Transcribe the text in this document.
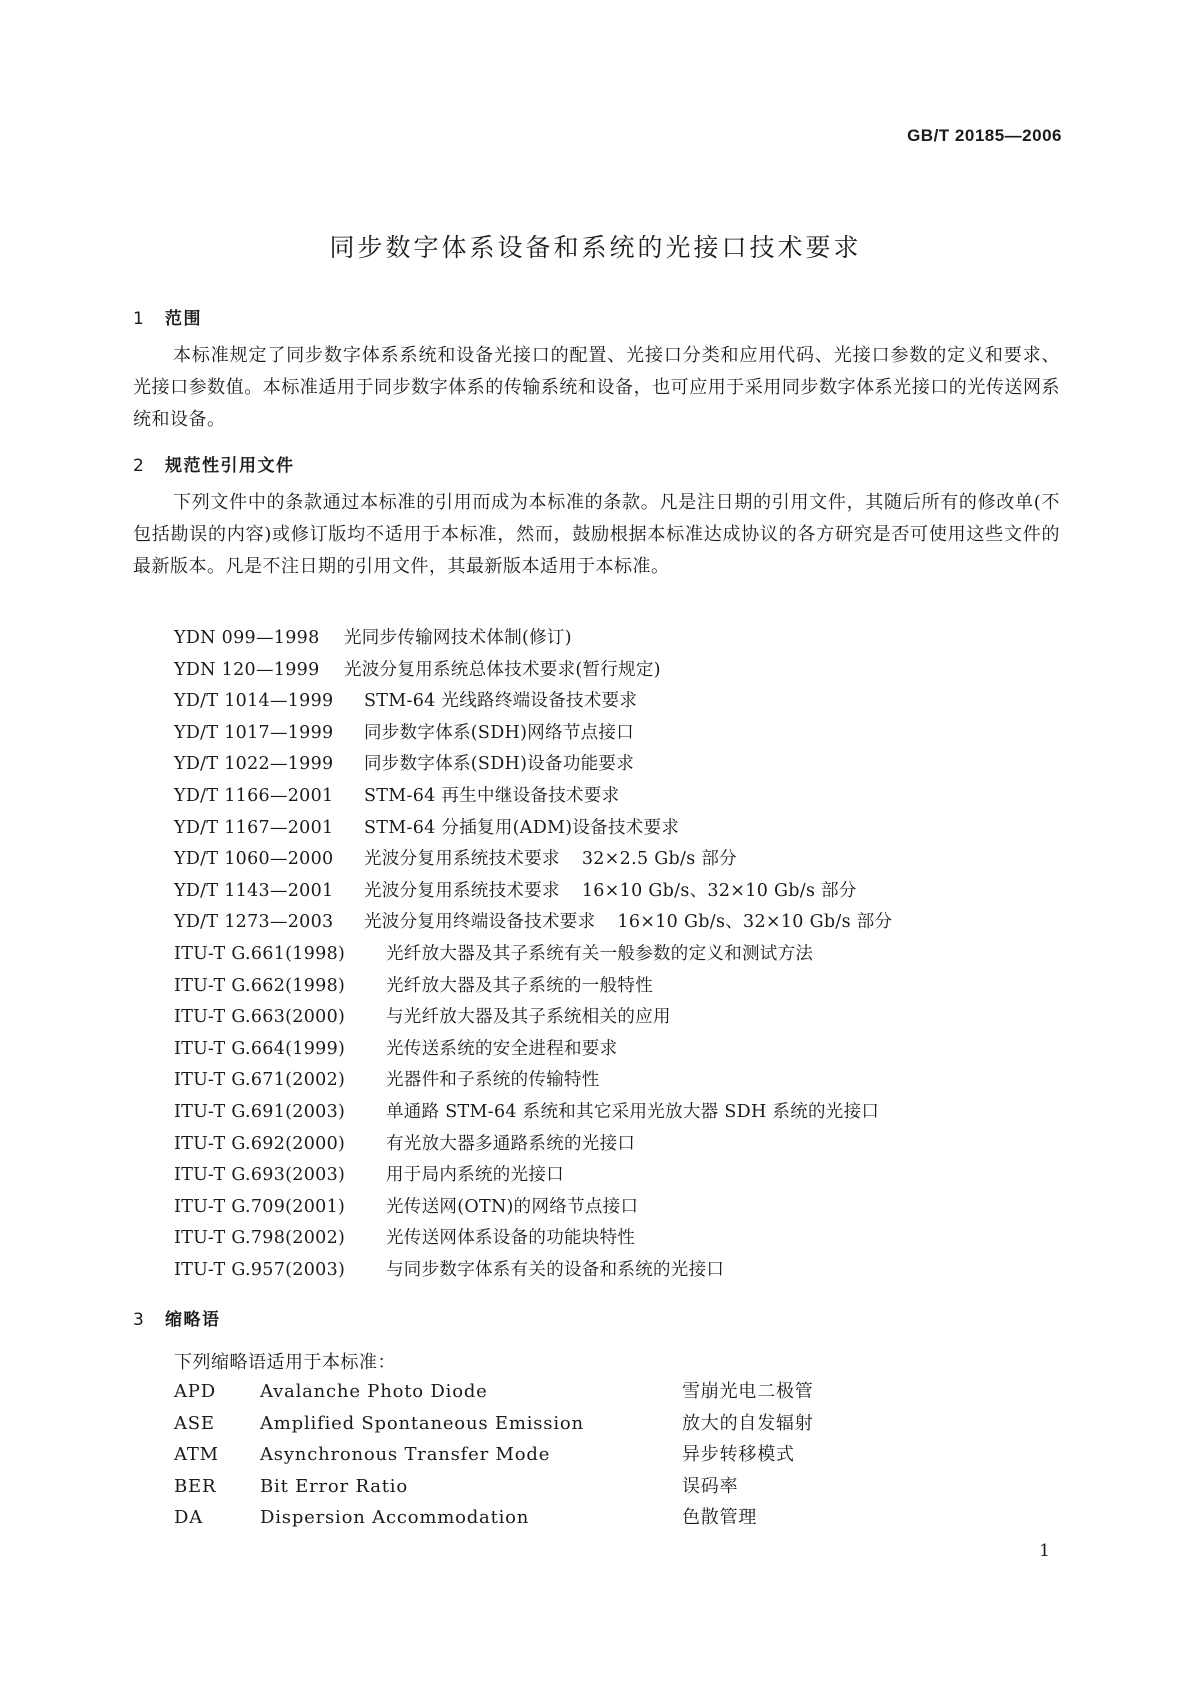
GB/T 20185—2006
同步数字体系设备和系统的光接口技术要求
1 范围
本标准规定了同步数字体系系统和设备光接口的配置、光接口分类和应用代码、光接口参数的定义和要求、光接口参数值。本标准适用于同步数字体系的传输系统和设备，也可应用于采用同步数字体系光接口的光传送网系统和设备。
2 规范性引用文件
下列文件中的条款通过本标准的引用而成为本标准的条款。凡是注日期的引用文件，其随后所有的修改单(不包括勘误的内容)或修订版均不适用于本标准，然而，鼓励根据本标准达成协议的各方研究是否可使用这些文件的最新版本。凡是不注日期的引用文件，其最新版本适用于本标准。
YDN 099—1998 光同步传输网技术体制(修订)
YDN 120—1999 光波分复用系统总体技术要求(暂行规定)
YD/T 1014—1999 STM-64 光线路终端设备技术要求
YD/T 1017—1999 同步数字体系(SDH)网络节点接口
YD/T 1022—1999 同步数字体系(SDH)设备功能要求
YD/T 1166—2001 STM-64 再生中继设备技术要求
YD/T 1167—2001 STM-64 分插复用(ADM)设备技术要求
YD/T 1060—2000 光波分复用系统技术要求 32×2.5 Gb/s 部分
YD/T 1143—2001 光波分复用系统技术要求 16×10 Gb/s、32×10 Gb/s 部分
YD/T 1273—2003 光波分复用终端设备技术要求 16×10 Gb/s、32×10 Gb/s 部分
ITU-T G.661(1998) 光纤放大器及其子系统有关一般参数的定义和测试方法
ITU-T G.662(1998) 光纤放大器及其子系统的一般特性
ITU-T G.663(2000) 与光纤放大器及其子系统相关的应用
ITU-T G.664(1999) 光传送系统的安全进程和要求
ITU-T G.671(2002) 光器件和子系统的传输特性
ITU-T G.691(2003) 单通路 STM-64 系统和其它采用光放大器 SDH 系统的光接口
ITU-T G.692(2000) 有光放大器多通路系统的光接口
ITU-T G.693(2003) 用于局内系统的光接口
ITU-T G.709(2001) 光传送网(OTN)的网络节点接口
ITU-T G.798(2002) 光传送网体系设备的功能块特性
ITU-T G.957(2003) 与同步数字体系有关的设备和系统的光接口
3 缩略语
下列缩略语适用于本标准：
APD Avalanche Photo Diode	雪崩光电二极管
ASE	Amplified Spontaneous Emission	放大的自发辐射
ATM Asynchronous Transfer Mode	异步转移模式
BER Bit Error Ratio	误码率
DA	Dispersion Accommodation	色散管理
1
